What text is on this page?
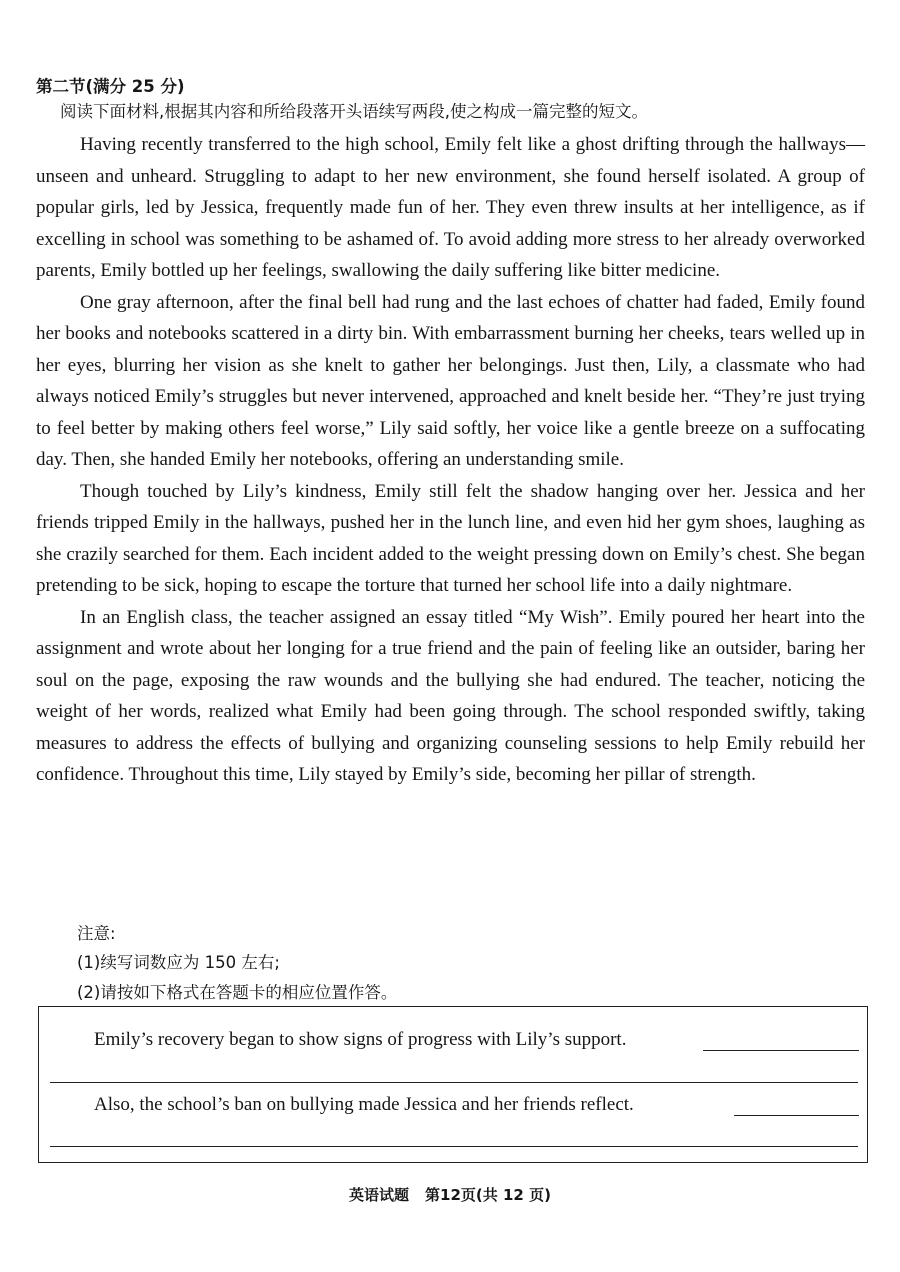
第二节(满分 25 分)
阅读下面材料,根据其内容和所给段落开头语续写两段,使之构成一篇完整的短文。

Having recently transferred to the high school, Emily felt like a ghost drifting through the hallways—unseen and unheard. Struggling to adapt to her new environment, she found herself isolated. A group of popular girls, led by Jessica, frequently made fun of her. They even threw insults at her intelligence, as if excelling in school was something to be ashamed of. To avoid adding more stress to her already overworked parents, Emily bottled up her feelings, swallowing the daily suffering like bitter medicine.

One gray afternoon, after the final bell had rung and the last echoes of chatter had faded, Emily found her books and notebooks scattered in a dirty bin. With embarrassment burning her cheeks, tears welled up in her eyes, blurring her vision as she knelt to gather her belongings. Just then, Lily, a classmate who had always noticed Emily’s struggles but never intervened, approached and knelt beside her. “They’re just trying to feel better by making others feel worse,” Lily said softly, her voice like a gentle breeze on a suffocating day. Then, she handed Emily her notebooks, offering an understanding smile.

Though touched by Lily’s kindness, Emily still felt the shadow hanging over her. Jessica and her friends tripped Emily in the hallways, pushed her in the lunch line, and even hid her gym shoes, laughing as she crazily searched for them. Each incident added to the weight pressing down on Emily’s chest. She began pretending to be sick, hoping to escape the torture that turned her school life into a daily nightmare.

In an English class, the teacher assigned an essay titled “My Wish”. Emily poured her heart into the assignment and wrote about her longing for a true friend and the pain of feeling like an outsider, baring her soul on the page, exposing the raw wounds and the bullying she had endured. The teacher, noticing the weight of her words, realized what Emily had been going through. The school responded swiftly, taking measures to address the effects of bullying and organizing counseling sessions to help Emily rebuild her confidence. Throughout this time, Lily stayed by Emily’s side, becoming her pillar of strength.

注意:
(1)续写词数应为 150 左右;
(2)请按如下格式在答题卡的相应位置作答。
Emily’s recovery began to show signs of progress with Lily’s support.
Also, the school’s ban on bullying made Jessica and her friends reflect.
英语试题 第12页(共 12 页)
